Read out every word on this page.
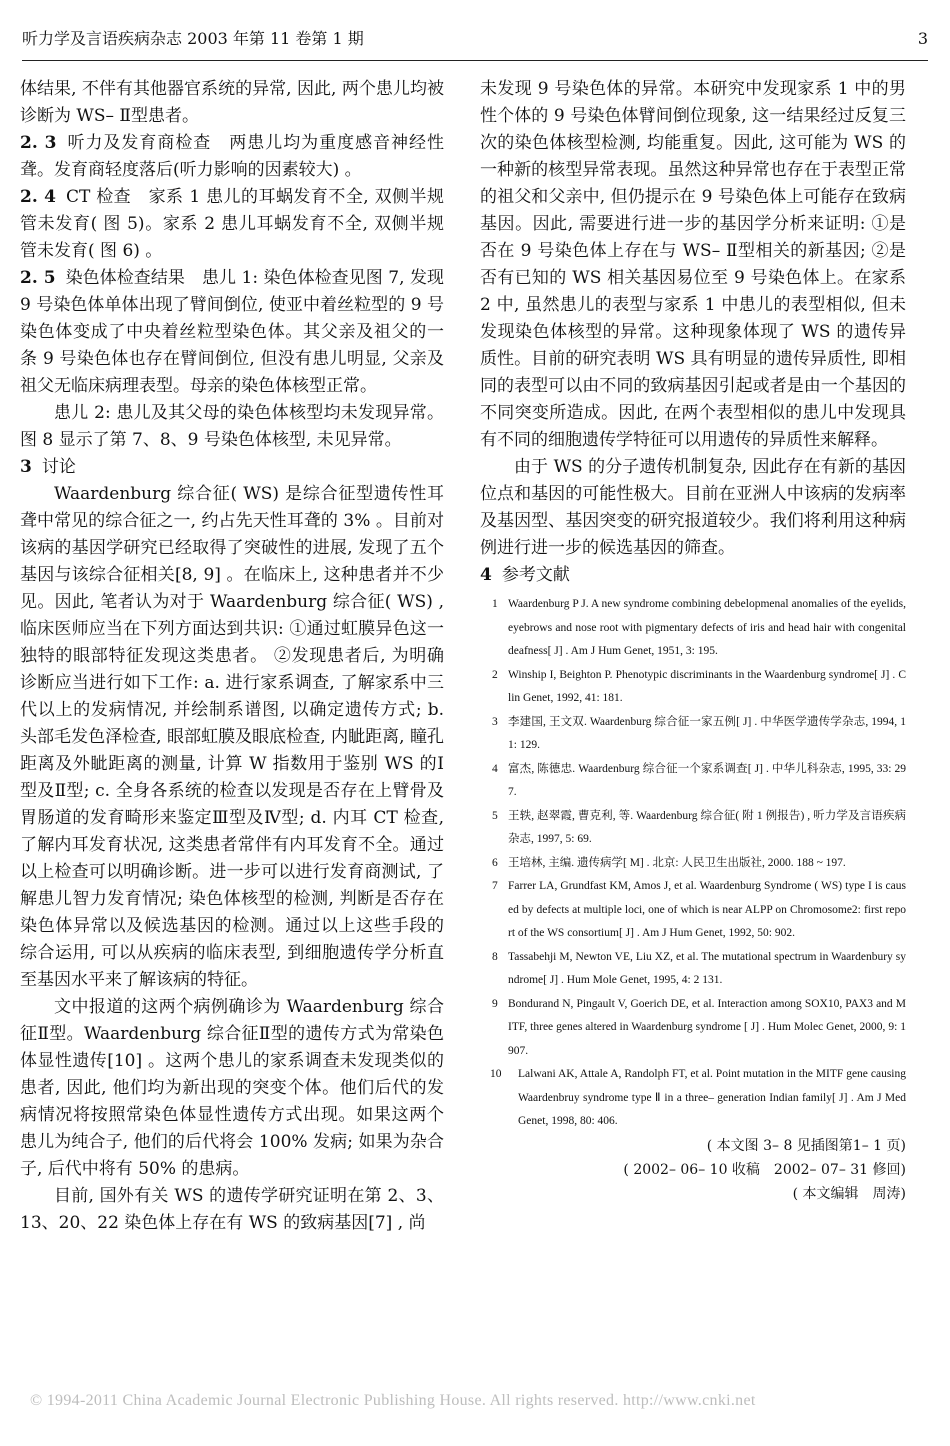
听力学及言语疾病杂志 2003 年第 11 卷第 1 期	3

体结果, 不伴有其他器官系统的异常, 因此, 两个患儿均被诊断为 WS– Ⅱ型患者。

2. 3 听力及发育商检查　两患儿均为重度感音神经性聋。发育商轻度落后(听力影响的因素较大) 。

2. 4 CT 检查　家系 1 患儿的耳蜗发育不全, 双侧半规管未发育( 图 5)。家系 2 患儿耳蜗发育不全, 双侧半规管未发育( 图 6) 。

2. 5 染色体检查结果　患儿 1: 染色体检查见图 7, 发现 9 号染色体单体出现了臂间倒位, 使亚中着丝粒型的 9 号染色体变成了中央着丝粒型染色体。其父亲及祖父的一条 9 号染色体也存在臂间倒位, 但没有患儿明显, 父亲及祖父无临床病理表型。母亲的染色体核型正常。

患儿 2: 患儿及其父母的染色体核型均未发现异常。图 8 显示了第 7、8、9 号染色体核型, 未见异常。

3 讨论

Waardenburg 综合征( WS) 是综合征型遗传性耳聋中常见的综合征之一, 约占先天性耳聋的 3% 。目前对该病的基因学研究已经取得了突破性的进展, 发现了五个基因与该综合征相关[8, 9] 。在临床上, 这种患者并不少见。因此, 笔者认为对于 Waardenburg 综合征( WS) , 临床医师应当在下列方面达到共识: ①通过虹膜异色这一独特的眼部特征发现这类患者。 ②发现患者后, 为明确诊断应当进行如下工作: a. 进行家系调查, 了解家系中三代以上的发病情况, 并绘制系谱图, 以确定遗传方式; b. 头部毛发色泽检查, 眼部虹膜及眼底检查, 内眦距离, 瞳孔距离及外眦距离的测量, 计算 W 指数用于鉴别 WS 的Ⅰ型及Ⅱ型; c. 全身各系统的检查以发现是否存在上臂骨及胃肠道的发育畸形来鉴定Ⅲ型及Ⅳ型; d. 内耳 CT 检查, 了解内耳发育状况, 这类患者常伴有内耳发育不全。通过以上检查可以明确诊断。进一步可以进行发育商测试, 了解患儿智力发育情况; 染色体核型的检测, 判断是否存在染色体异常以及候选基因的检测。通过以上这些手段的综合运用, 可以从疾病的临床表型, 到细胞遗传学分析直至基因水平来了解该病的特征。

文中报道的这两个病例确诊为 Waardenburg 综合征Ⅱ型。Waardenburg 综合征Ⅱ型的遗传方式为常染色体显性遗传[10] 。这两个患儿的家系调查未发现类似的患者, 因此, 他们均为新出现的突变个体。他们后代的发病情况将按照常染色体显性遗传方式出现。如果这两个患儿为纯合子, 他们的后代将会 100% 发病; 如果为杂合子, 后代中将有 50% 的患病。

目前, 国外有关 WS 的遗传学研究证明在第 2、3、13、20、22 染色体上存在有 WS 的致病基因[7] , 尚

未发现 9 号染色体的异常。本研究中发现家系 1 中的男性个体的 9 号染色体臂间倒位现象, 这一结果经过反复三次的染色体核型检测, 均能重复。因此, 这可能为 WS 的一种新的核型异常表现。虽然这种异常也存在于表型正常的祖父和父亲中, 但仍提示在 9 号染色体上可能存在致病基因。因此, 需要进行进一步的基因学分析来证明: ①是否在 9 号染色体上存在与 WS– Ⅱ型相关的新基因; ②是否有已知的 WS 相关基因易位至 9 号染色体上。在家系 2 中, 虽然患儿的表型与家系 1 中患儿的表型相似, 但未发现染色体核型的异常。这种现象体现了 WS 的遗传异质性。目前的研究表明 WS 具有明显的遗传异质性, 即相同的表型可以由不同的致病基因引起或者是由一个基因的不同突变所造成。因此, 在两个表型相似的患儿中发现具有不同的细胞遗传学特征可以用遗传的异质性来解释。

由于 WS 的分子遗传机制复杂, 因此存在有新的基因位点和基因的可能性极大。目前在亚洲人中该病的发病率及基因型、基因突变的研究报道较少。我们将利用这种病例进行进一步的候选基因的筛查。

4 参考文献

1 Waardenburg P J. A new syndrome combining debelopmenal anomalies of the eyelids, eyebrows and nose root with pigmentary defects of iris and head hair with congenital deafness[ J] . Am J Hum Genet, 1951, 3: 195.
2 Winship I, Beighton P. Phenotypic discriminants in the Waardenburg syndrome[ J] . Clin Genet, 1992, 41: 181.
3 李建国, 王文双. Waardenburg 综合征一家五例[ J] . 中华医学遗传学杂志, 1994, 11: 129.
4 富杰, 陈德忠. Waardenburg 综合征一个家系调查[ J] . 中华儿科杂志, 1995, 33: 297.
5 王轶, 赵翠霞, 曹克利, 等. Waardenburg 综合征( 附 1 例报告) , 听力学及言语疾病杂志, 1997, 5: 69.
6 王培林, 主编. 遗传病学[ M] . 北京: 人民卫生出版社, 2000. 188 ~ 197.
7 Farrer LA, Grundfast KM, Amos J, et al. Waardenburg Syndrome ( WS) type I is caused by defects at multiple loci, one of which is near ALPP on Chromosome2: first report of the WS consortium[ J] . Am J Hum Genet, 1992, 50: 902.
8 Tassabehji M, Newton VE, Liu XZ, et al. The mutational spectrum in Waardenbury syndrome[ J] . Hum Mole Genet, 1995, 4: 2 131.
9 Bondurand N, Pingault V, Goerich DE, et al. Interaction among SOX10, PAX3 and MITF, three genes altered in Waardenburg syndrome [ J] . Hum Molec Genet, 2000, 9: 1 907.
10	Lalwani AK, Attale A, Randolph FT, et al. Point mutation in the MITF gene causing Waardenbruy syndrome type Ⅱ in a three– generation Indian family[ J] . Am J Med Genet, 1998, 80: 406.
( 本文图 3– 8 见插图第1– 1 页)
( 2002– 06– 10 收稿　2002– 07– 31 修回)
( 本文编辑　周涛)
© 1994-2011 China Academic Journal Electronic Publishing House. All rights reserved. http://www.cnki.net
